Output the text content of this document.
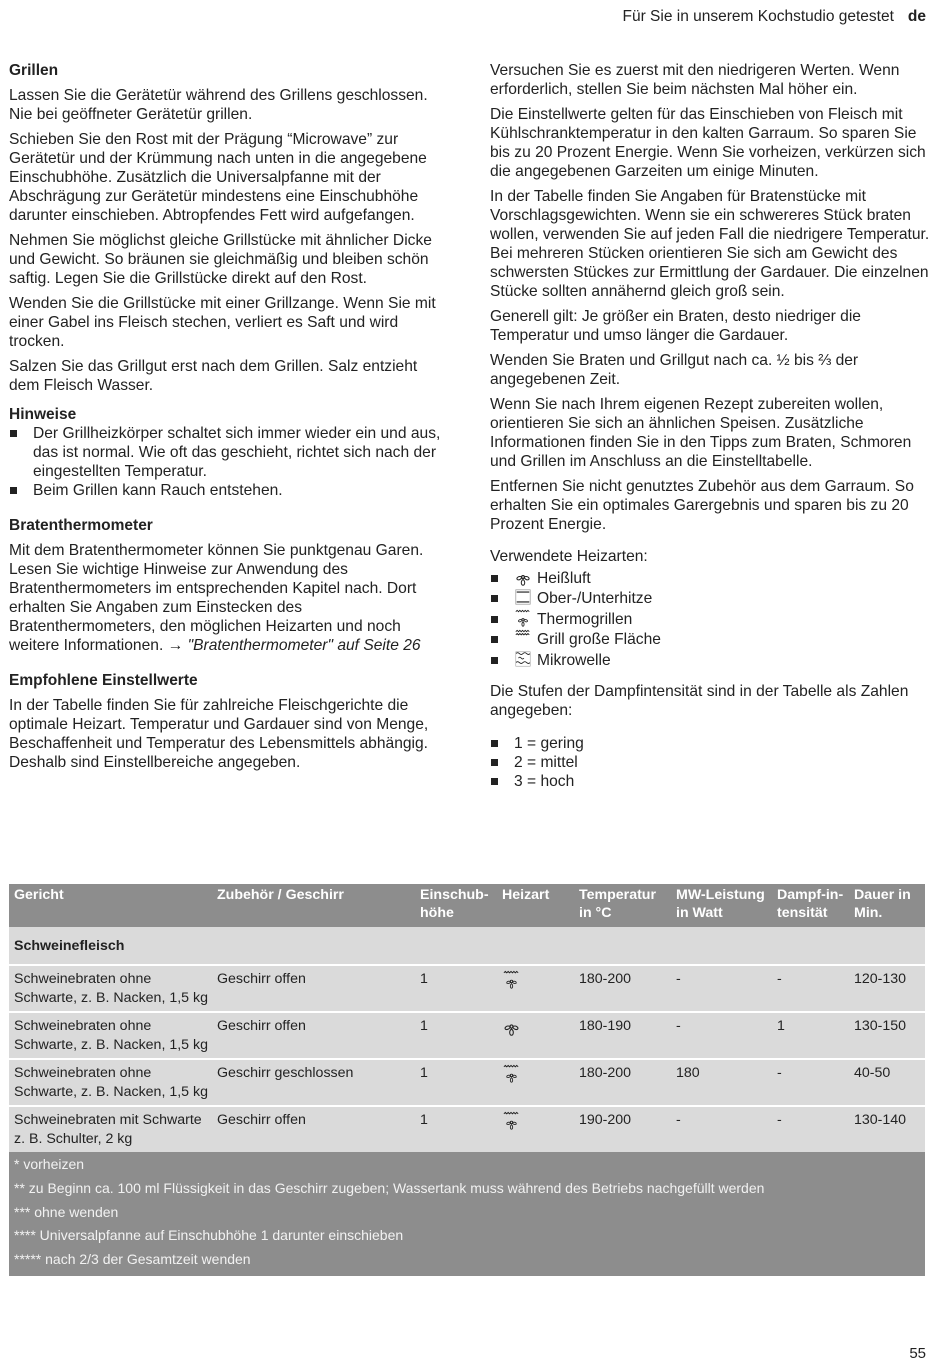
Für Sie in unserem Kochstudio getestet de
Grillen

Lassen Sie die Gerätetür während des Grillens geschlossen. Nie bei geöffneter Gerätetür grillen.

Schieben Sie den Rost mit der Prägung “Microwave” zur Gerätetür und der Krümmung nach unten in die angegebene Einschubhöhe. Zusätzlich die Universalpfanne mit der Abschrägung zur Gerätetür mindestens eine Einschubhöhe darunter einschieben. Abtropfendes Fett wird aufgefangen.

Nehmen Sie möglichst gleiche Grillstücke mit ähnlicher Dicke und Gewicht. So bräunen sie gleichmäßig und bleiben schön saftig. Legen Sie die Grillstücke direkt auf den Rost.

Wenden Sie die Grillstücke mit einer Grillzange. Wenn Sie mit einer Gabel ins Fleisch stechen, verliert es Saft und wird trocken.

Salzen Sie das Grillgut erst nach dem Grillen. Salz entzieht dem Fleisch Wasser.

Hinweise
Der Grillheizkörper schaltet sich immer wieder ein und aus, das ist normal. Wie oft das geschieht, richtet sich nach der eingestellten Temperatur.
Beim Grillen kann Rauch entstehen.
Bratenthermometer

Mit dem Bratenthermometer können Sie punktgenau Garen. Lesen Sie wichtige Hinweise zur Anwendung des Bratenthermometers im entsprechenden Kapitel nach. Dort erhalten Sie Angaben zum Einstecken des Bratenthermometers, den möglichen Heizarten und noch weitere Informationen. → "Bratenthermometer" auf Seite 26

Empfohlene Einstellwerte

In der Tabelle finden Sie für zahlreiche Fleischgerichte die optimale Heizart. Temperatur und Gardauer sind von Menge, Beschaffenheit und Temperatur des Lebensmittels abhängig. Deshalb sind Einstellbereiche angegeben.

Versuchen Sie es zuerst mit den niedrigeren Werten. Wenn erforderlich, stellen Sie beim nächsten Mal höher ein.

Die Einstellwerte gelten für das Einschieben von Fleisch mit Kühlschranktemperatur in den kalten Garraum. So sparen Sie bis zu 20 Prozent Energie. Wenn Sie vorheizen, verkürzen sich die angegebenen Garzeiten um einige Minuten.

In der Tabelle finden Sie Angaben für Bratenstücke mit Vorschlagsgewichten. Wenn sie ein schwereres Stück braten wollen, verwenden Sie auf jeden Fall die niedrigere Temperatur. Bei mehreren Stücken orientieren Sie sich am Gewicht des schwersten Stückes zur Ermittlung der Gardauer. Die einzelnen Stücke sollten annähernd gleich groß sein.

Generell gilt: Je größer ein Braten, desto niedriger die Temperatur und umso länger die Gardauer.

Wenden Sie Braten und Grillgut nach ca. ½ bis ⅔ der angegebenen Zeit.

Wenn Sie nach Ihrem eigenen Rezept zubereiten wollen, orientieren Sie sich an ähnlichen Speisen. Zusätzliche Informationen finden Sie in den Tipps zum Braten, Schmoren und Grillen im Anschluss an die Einstelltabelle.

Entfernen Sie nicht genutztes Zubehör aus dem Garraum. So erhalten Sie ein optimales Garergebnis und sparen bis zu 20 Prozent Energie.

Verwendete Heizarten:

Heißluft
Ober-/Unterhitze
Thermogrillen
Grill große Fläche
Mikrowelle

Die Stufen der Dampfintensität sind in der Tabelle als Zahlen angegeben:

1 = gering
2 = mittel
3 = hoch
Gericht	Zubehör / Geschirr	Einschubhöhe	Heizart	Temperatur in °C	MW-Leistung in Watt	Dampf-intensität	Dauer in Min.
Schweinefleisch							
Schweinebraten ohne Schwarte, z. B. Nacken, 1,5 kg	Geschirr offen	1		180-200	-	-	120-130
Schweinebraten ohne Schwarte, z. B. Nacken, 1,5 kg	Geschirr offen	1		180-190	-	1	130-150
Schweinebraten ohne Schwarte, z. B. Nacken, 1,5 kg	Geschirr geschlossen	1		180-200	180	-	40-50
Schweinebraten mit Schwarte z. B. Schulter, 2 kg	Geschirr offen	1		190-200	-	-	130-140
* vorheizen
** zu Beginn ca. 100 ml Flüssigkeit in das Geschirr zugeben; Wassertank muss während des Betriebs nachgefüllt werden
*** ohne wenden
**** Universalpfanne auf Einschubhöhe 1 darunter einschieben
***** nach 2/3 der Gesamtzeit wenden
55
